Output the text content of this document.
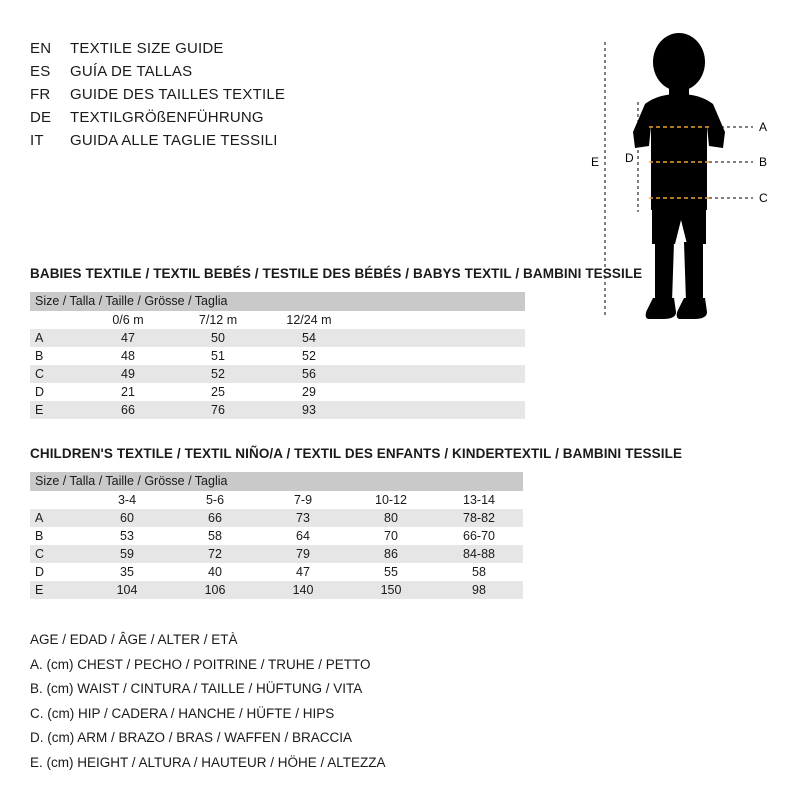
EN	TEXTILE SIZE GUIDE
ES	GUÍA DE TALLAS
FR	GUIDE DES TAILLES TEXTILE
DE	TEXTILGRÖßENFÜHRUNG
IT	GUIDA ALLE TAGLIE TESSILI
A
B
C
D
E
BABIES TEXTILE / TEXTIL BEBÉS / TESTILE DES BÉBÉS / BABYS TEXTIL / BAMBINI TESSILE
Size / Talla / Taille / Grösse / Taglia				
	0/6 m	7/12 m	12/24 m	
A	47	50	54	
B	48	51	52	
C	49	52	56	
D	21	25	29	
E	66	76	93	
CHILDREN'S TEXTILE / TEXTIL NIÑO/A / TEXTIL DES ENFANTS / KINDERTEXTIL / BAMBINI TESSILE
Size / Talla / Taille / Grösse / Taglia					
	3-4	5-6	7-9	10-12	13-14
A	60	66	73	80	78-82
B	53	58	64	70	66-70
C	59	72	79	86	84-88
D	35	40	47	55	58
E	104	106	140	150	98
AGE / EDAD / ÂGE / ALTER / ETÀ
A. (cm) CHEST / PECHO / POITRINE / TRUHE / PETTO
B. (cm) WAIST / CINTURA / TAILLE / HÜFTUNG / VITA
C. (cm) HIP / CADERA / HANCHE / HÜFTE / HIPS
D. (cm) ARM / BRAZO / BRAS / WAFFEN / BRACCIA
E. (cm) HEIGHT / ALTURA / HAUTEUR / HÖHE / ALTEZZA
